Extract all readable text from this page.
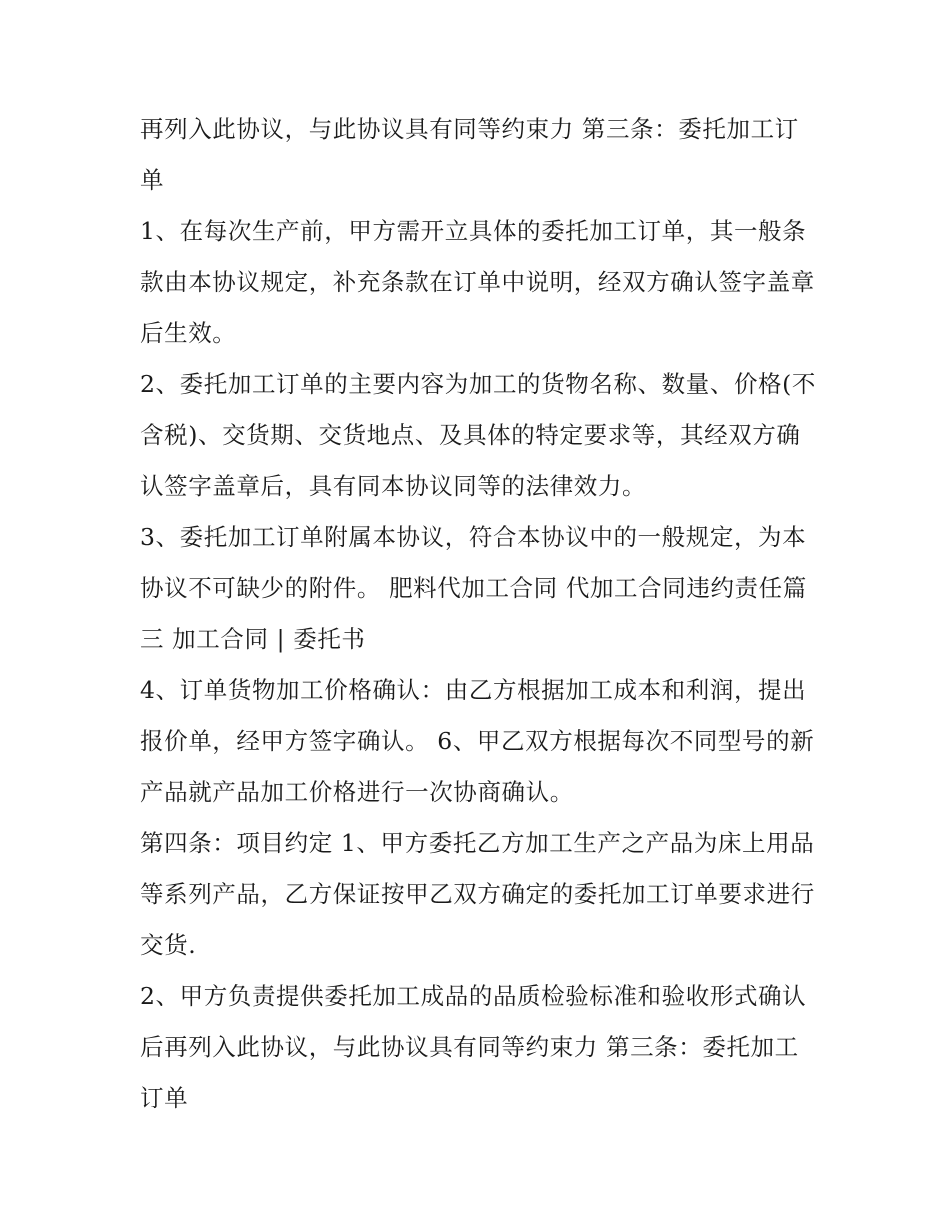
再列入此协议，与此协议具有同等约束力 第三条：委托加工订单

1、在每次生产前，甲方需开立具体的委托加工订单，其一般条款由本协议规定，补充条款在订单中说明，经双方确认签字盖章后生效。

2、委托加工订单的主要内容为加工的货物名称、数量、价格(不含税)、交货期、交货地点、及具体的特定要求等，其经双方确认签字盖章后，具有同本协议同等的法律效力。

3、委托加工订单附属本协议，符合本协议中的一般规定，为本协议不可缺少的附件。 肥料代加工合同 代加工合同违约责任篇三 加工合同 | 委托书

4、订单货物加工价格确认：由乙方根据加工成本和利润，提出报价单，经甲方签字确认。 6、甲乙双方根据每次不同型号的新产品就产品加工价格进行一次协商确认。

第四条：项目约定 1、甲方委托乙方加工生产之产品为床上用品等系列产品，乙方保证按甲乙双方确定的委托加工订单要求进行交货.

2、甲方负责提供委托加工成品的品质检验标准和验收形式确认后再列入此协议，与此协议具有同等约束力 第三条：委托加工订单
